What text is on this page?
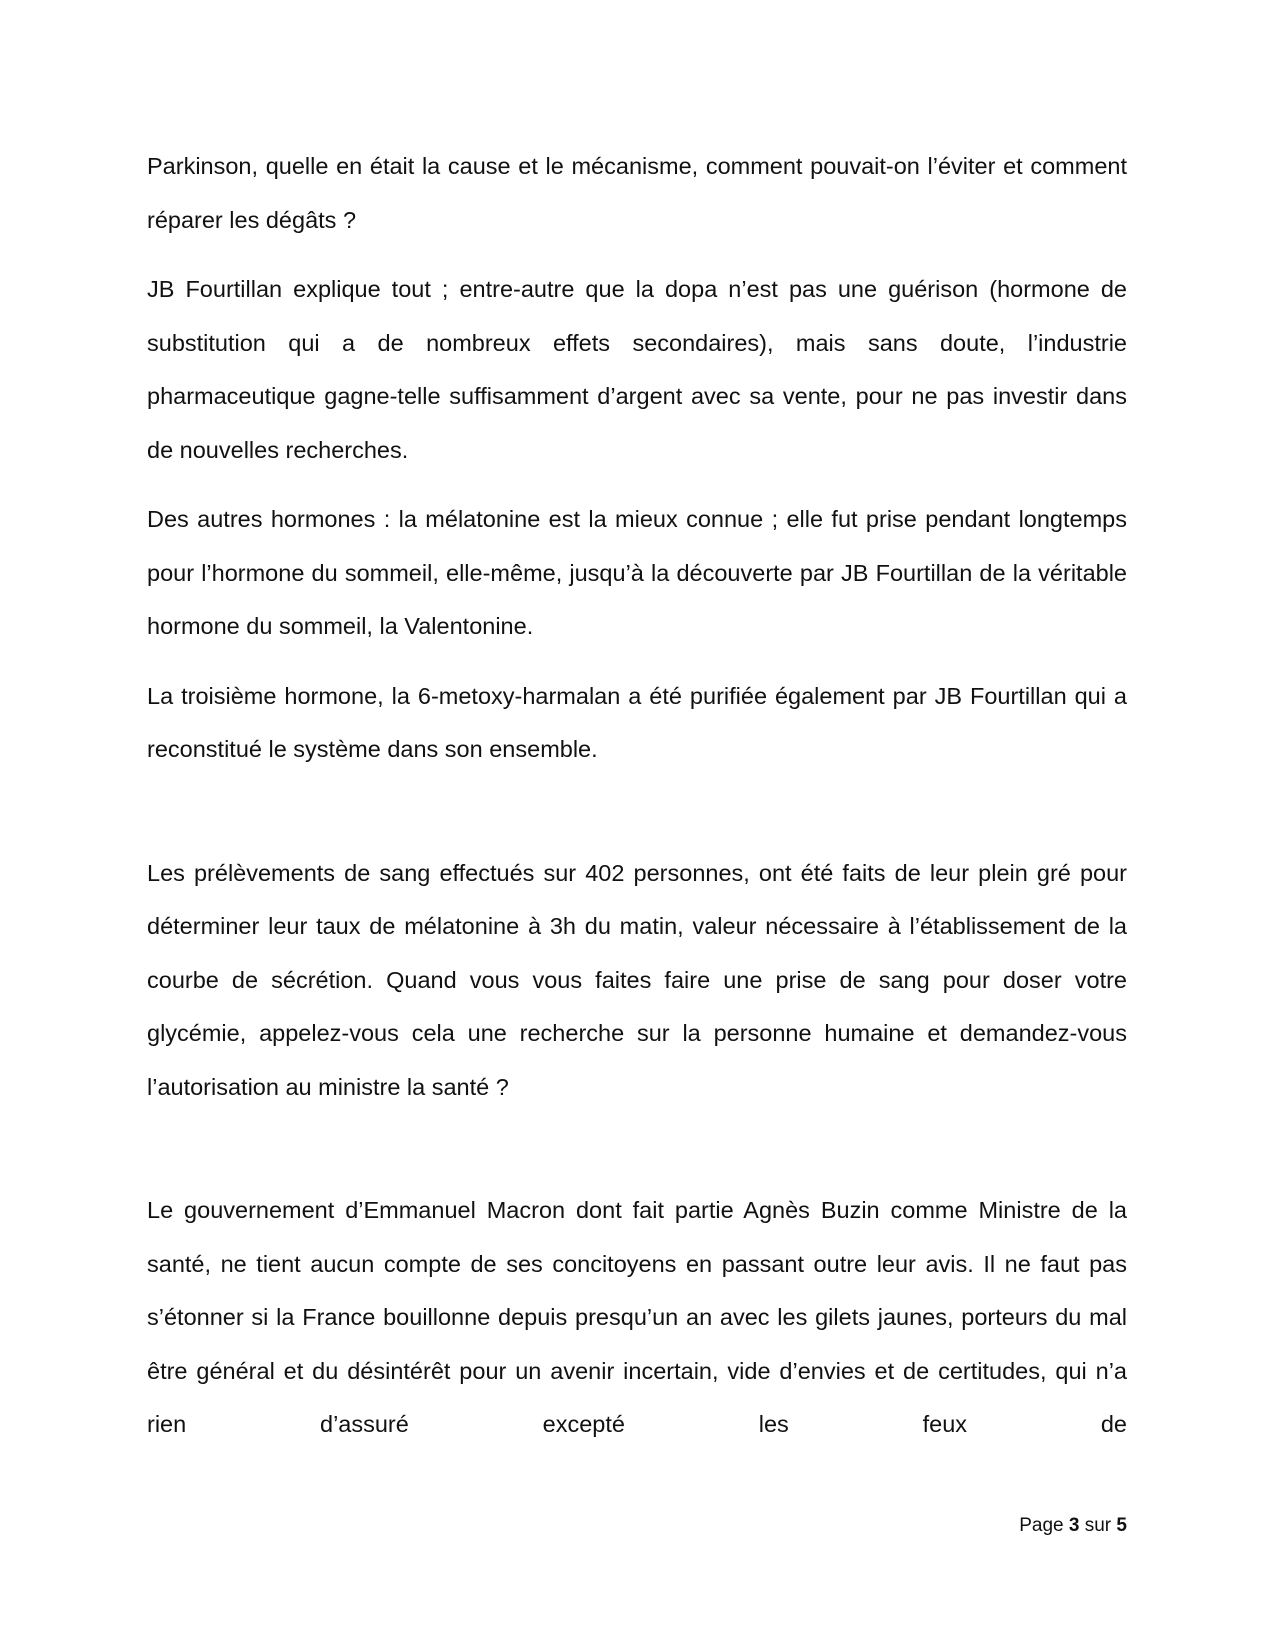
Parkinson, quelle en était la cause et le mécanisme, comment pouvait-on l’éviter et comment réparer les dégâts ?

JB Fourtillan explique tout ; entre-autre que la dopa n’est pas une guérison (hormone de substitution qui a de nombreux effets secondaires), mais sans doute, l’industrie pharmaceutique gagne-telle suffisamment d’argent avec sa vente, pour ne pas investir dans de nouvelles recherches.

Des autres hormones : la mélatonine est la mieux connue ; elle fut prise pendant longtemps pour l’hormone du sommeil, elle-même, jusqu’à la découverte par JB Fourtillan de la véritable hormone du sommeil, la Valentonine.

La troisième hormone, la 6-metoxy-harmalan a été purifiée également par JB Fourtillan qui a reconstitué le système dans son ensemble.

Les prélèvements de sang effectués sur 402 personnes, ont été faits de leur plein gré pour déterminer leur taux de mélatonine à 3h du matin, valeur nécessaire à l’établissement de la courbe de sécrétion. Quand vous vous faites faire une prise de sang pour doser votre glycémie, appelez-vous cela une recherche sur la personne humaine et demandez-vous l’autorisation au ministre la santé ?

Le gouvernement d’Emmanuel Macron dont fait partie Agnès Buzin comme Ministre de la santé, ne tient aucun compte de ses concitoyens en passant outre leur avis. Il ne faut pas s’étonner si la France bouillonne depuis presqu’un an avec les gilets jaunes, porteurs du mal être général et du désintérêt pour un avenir incertain, vide d’envies et de certitudes, qui n’a rien d’assuré excepté les feux de

Page 3 sur 5
